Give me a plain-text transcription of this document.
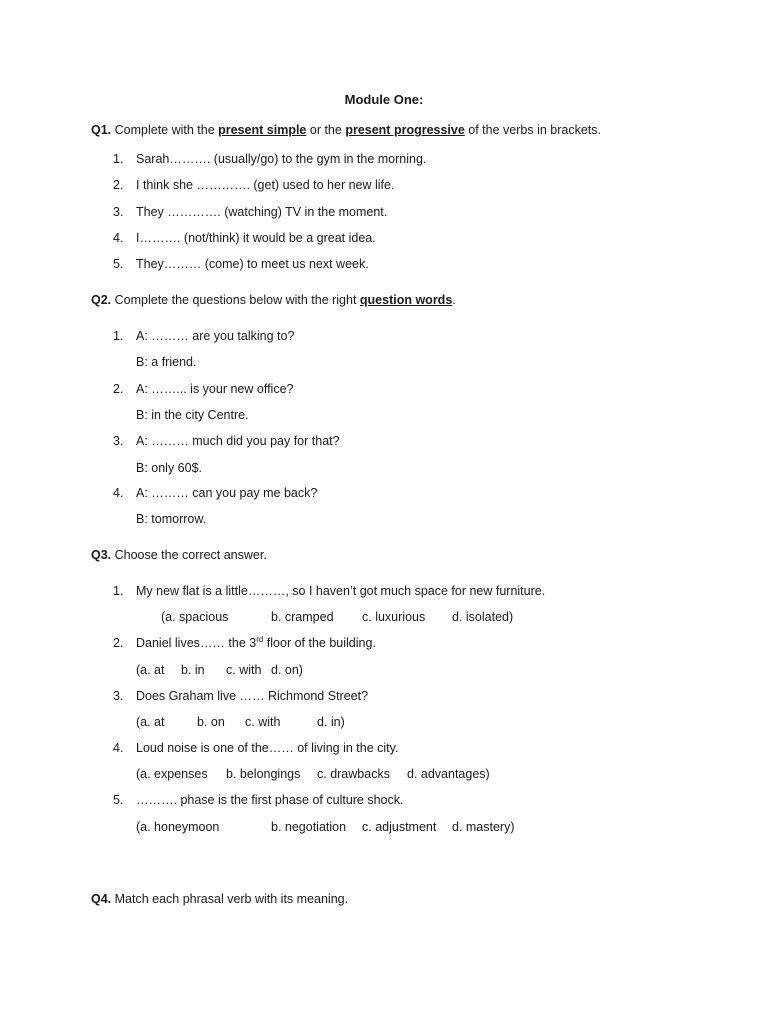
Module One:
Q1. Complete with the present simple or the present progressive of the verbs in brackets.
1. Sarah………. (usually/go) to the gym in the morning.
2. I think she …………. (get) used to her new life.
3. They …………. (watching) TV in the moment.
4. I………. (not/think) it would be a great idea.
5. They……… (come) to meet us next week.
Q2. Complete the questions below with the right question words.
1. A: ……… are you talking to?
B: a friend.
2. A: ……... is your new office?
B: in the city Centre.
3. A: ……… much did you pay for that?
B: only 60$.
4. A: ……… can you pay me back?
B: tomorrow.
Q3. Choose the correct answer.
1. My new flat is a little………, so I haven’t got much space for new furniture.
(a. spacious	b. cramped c. luxurious d. isolated)
2. Daniel lives…… the 3rd floor of the building.
(a. at b. in c. with d. on)
3. Does Graham live …… Richmond Street?
(a. at	b. on c. with	d. in)
4. Loud noise is one of the…… of living in the city.
(a. expenses b. belongings c. drawbacks d. advantages)
5. ………. phase is the first phase of culture shock.
(a. honeymoon	b. negotiation c. adjustment d. mastery)
Q4. Match each phrasal verb with its meaning.
